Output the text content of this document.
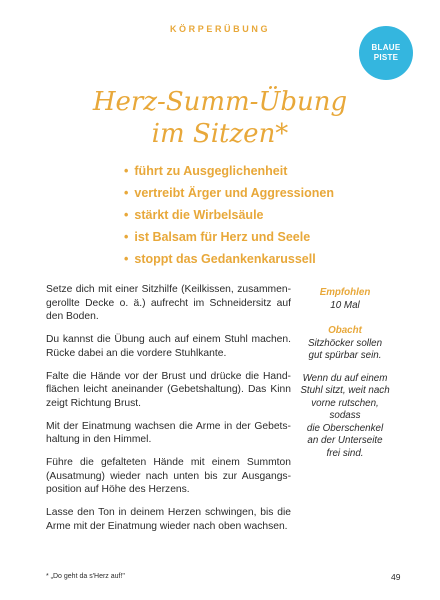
KÖRPERÜBUNG
BLAUE
PISTE
Herz-Summ-Übung
im Sitzen*
• führt zu Ausgeglichenheit
• vertreibt Ärger und Aggressionen
• stärkt die Wirbelsäule
• ist Balsam für Herz und Seele
• stoppt das Gedankenkarussell

Setze dich mit einer Sitzhilfe (Keilkissen, zusammen-gerollte Decke o. ä.) aufrecht im Schneidersitz auf den Boden.

Du kannst die Übung auch auf einem Stuhl machen. Rücke dabei an die vordere Stuhlkante.

Falte die Hände vor der Brust und drücke die Hand-flächen leicht aneinander (Gebetshaltung). Das Kinn zeigt Richtung Brust.

Mit der Einatmung wachsen die Arme in der Gebets-haltung in den Himmel.

Führe die gefalteten Hände mit einem Summton (Ausatmung) wieder nach unten bis zur Ausgangs-position auf Höhe des Herzens.

Lasse den Ton in deinem Herzen schwingen, bis die Arme mit der Einatmung wieder nach oben wachsen.

Empfohlen
10 Mal
Obacht
Sitzhöcker sollen
gut spürbar sein.
Wenn du auf einem
Stuhl sitzt, weit nach
vorne rutschen, sodass
die Oberschenkel
an der Unterseite
frei sind.
* „Do geht da s'Herz auf!"	49
